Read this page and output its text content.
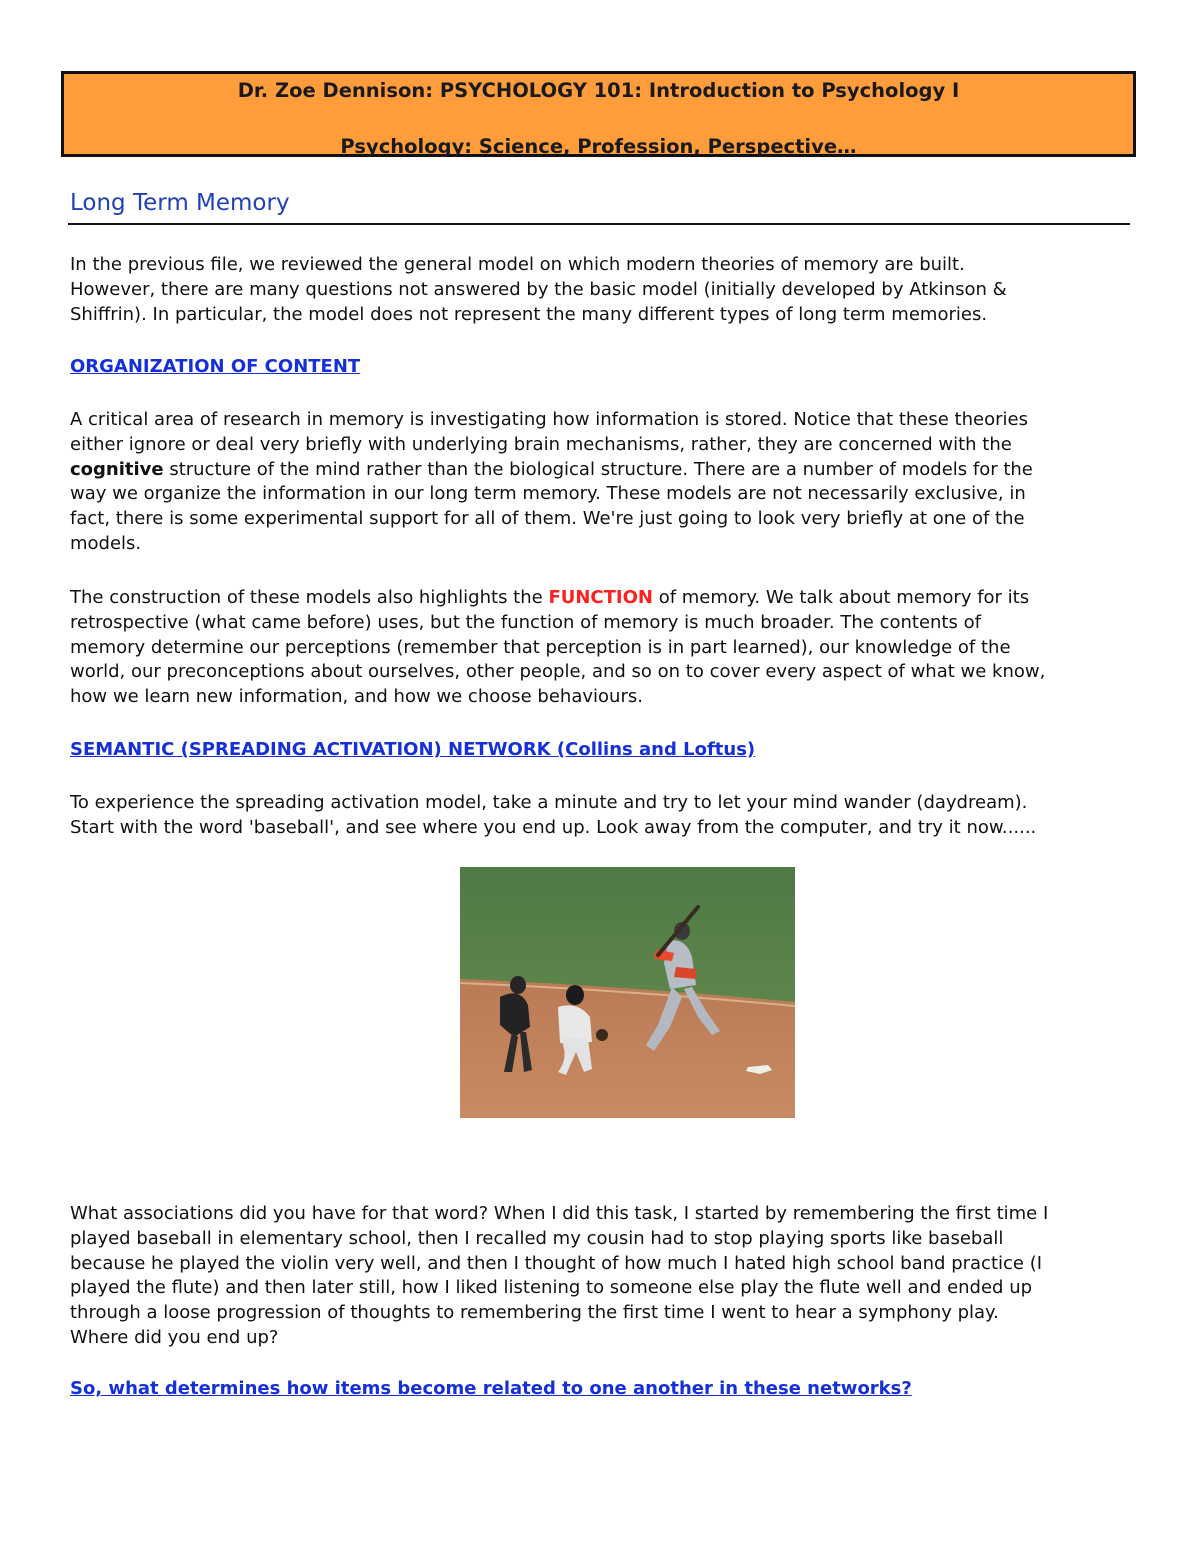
Dr. Zoe Dennison: PSYCHOLOGY 101: Introduction to Psychology I
Psychology: Science, Profession, Perspective…
Long Term Memory
In the previous file, we reviewed the general model on which modern theories of memory are built.
However, there are many questions not answered by the basic model (initially developed by Atkinson &
Shiffrin). In particular, the model does not represent the many different types of long term memories.
ORGANIZATION OF CONTENT
A critical area of research in memory is investigating how information is stored. Notice that these theories
either ignore or deal very briefly with underlying brain mechanisms, rather, they are concerned with the
cognitive structure of the mind rather than the biological structure. There are a number of models for the
way we organize the information in our long term memory. These models are not necessarily exclusive, in
fact, there is some experimental support for all of them. We're just going to look very briefly at one of the
models.
The construction of these models also highlights the FUNCTION of memory. We talk about memory for its
retrospective (what came before) uses, but the function of memory is much broader. The contents of
memory determine our perceptions (remember that perception is in part learned), our knowledge of the
world, our preconceptions about ourselves, other people, and so on to cover every aspect of what we know,
how we learn new information, and how we choose behaviours.
SEMANTIC (SPREADING ACTIVATION) NETWORK (Collins and Loftus)
To experience the spreading activation model, take a minute and try to let your mind wander (daydream).
Start with the word 'baseball', and see where you end up. Look away from the computer, and try it now......
What associations did you have for that word? When I did this task, I started by remembering the first time I
played baseball in elementary school, then I recalled my cousin had to stop playing sports like baseball
because he played the violin very well, and then I thought of how much I hated high school band practice (I
played the flute) and then later still, how I liked listening to someone else play the flute well and ended up
through a loose progression of thoughts to remembering the first time I went to hear a symphony play.
Where did you end up?
So, what determines how items become related to one another in these networks?
